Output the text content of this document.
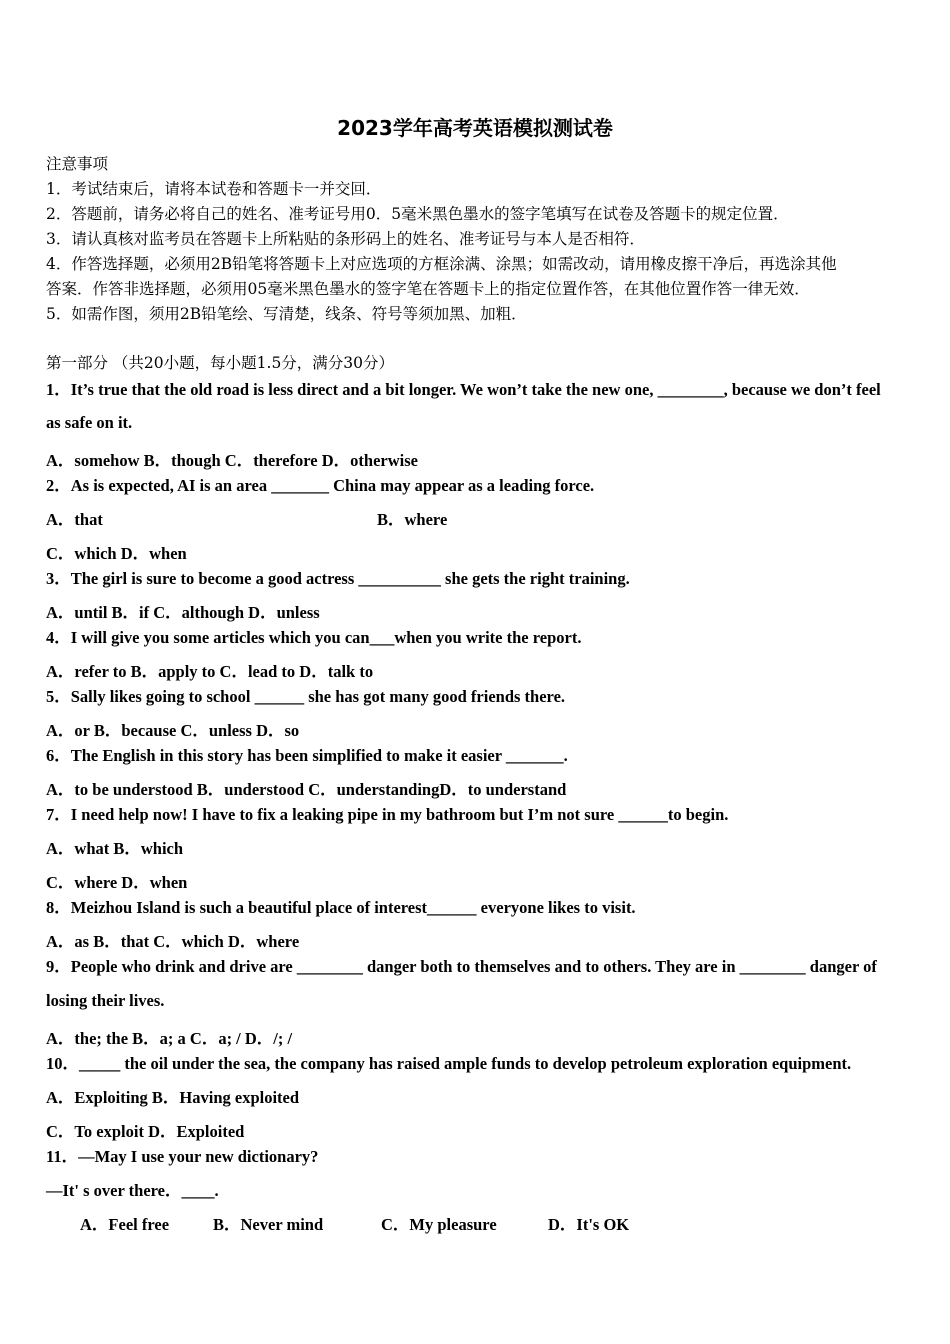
2023学年高考英语模拟测试卷
注意事项
1．考试结束后，请将本试卷和答题卡一并交回．
2．答题前，请务必将自己的姓名、准考证号用0．5毫米黑色墨水的签字笔填写在试卷及答题卡的规定位置．
3．请认真核对监考员在答题卡上所粘贴的条形码上的姓名、准考证号与本人是否相符．
4．作答选择题，必须用2B铅笔将答题卡上对应选项的方框涂满、涂黑；如需改动，请用橡皮擦干净后，再选涂其他
答案．作答非选择题，必须用05毫米黑色墨水的签字笔在答题卡上的指定位置作答，在其他位置作答一律无效．
5．如需作图，须用2B铅笔绘、写清楚，线条、符号等须加黑、加粗．
第一部分 （共20小题，每小题1.5分，满分30分）
1．It’s true that the old road is less direct and a bit longer. We won’t take the new one, ________, because we don’t feel
as safe on it.
A．somehow B．though C．therefore D．otherwise
2．As is expected, AI is an area _______ China may appear as a leading force.
A．that	B．where
C．which D．when
3．The girl is sure to become a good actress __________ she gets the right training.
A．until B．if C．although D．unless
4．I will give you some articles which you can___when you write the report.
A．refer to B．apply to C．lead to D．talk to
5．Sally likes going to school ______ she has got many good friends there.
A．or B．because C．unless D．so
6．The English in this story has been simplified to make it easier _______.
A．to be understood B．understood C．understandingD．to understand
7．I need help now! I have to fix a leaking pipe in my bathroom but I’m not sure ______to begin.
A．what B．which
C．where D．when
8．Meizhou Island is such a beautiful place of interest______ everyone likes to visit.
A．as B．that C．which D．where
9．People who drink and drive are ________ danger both to themselves and to others. They are in ________ danger of
losing their lives.
A．the; the B．a; a C．a; / D．/; /
10．_____ the oil under the sea, the company has raised ample funds to develop petroleum exploration equipment.
A．Exploiting B．Having exploited
C．To exploit D．Exploited
11．—May I use your new dictionary?
—It' s over there．____.
A．Feel free	B．Never mind	C．My pleasure	D．It's OK
